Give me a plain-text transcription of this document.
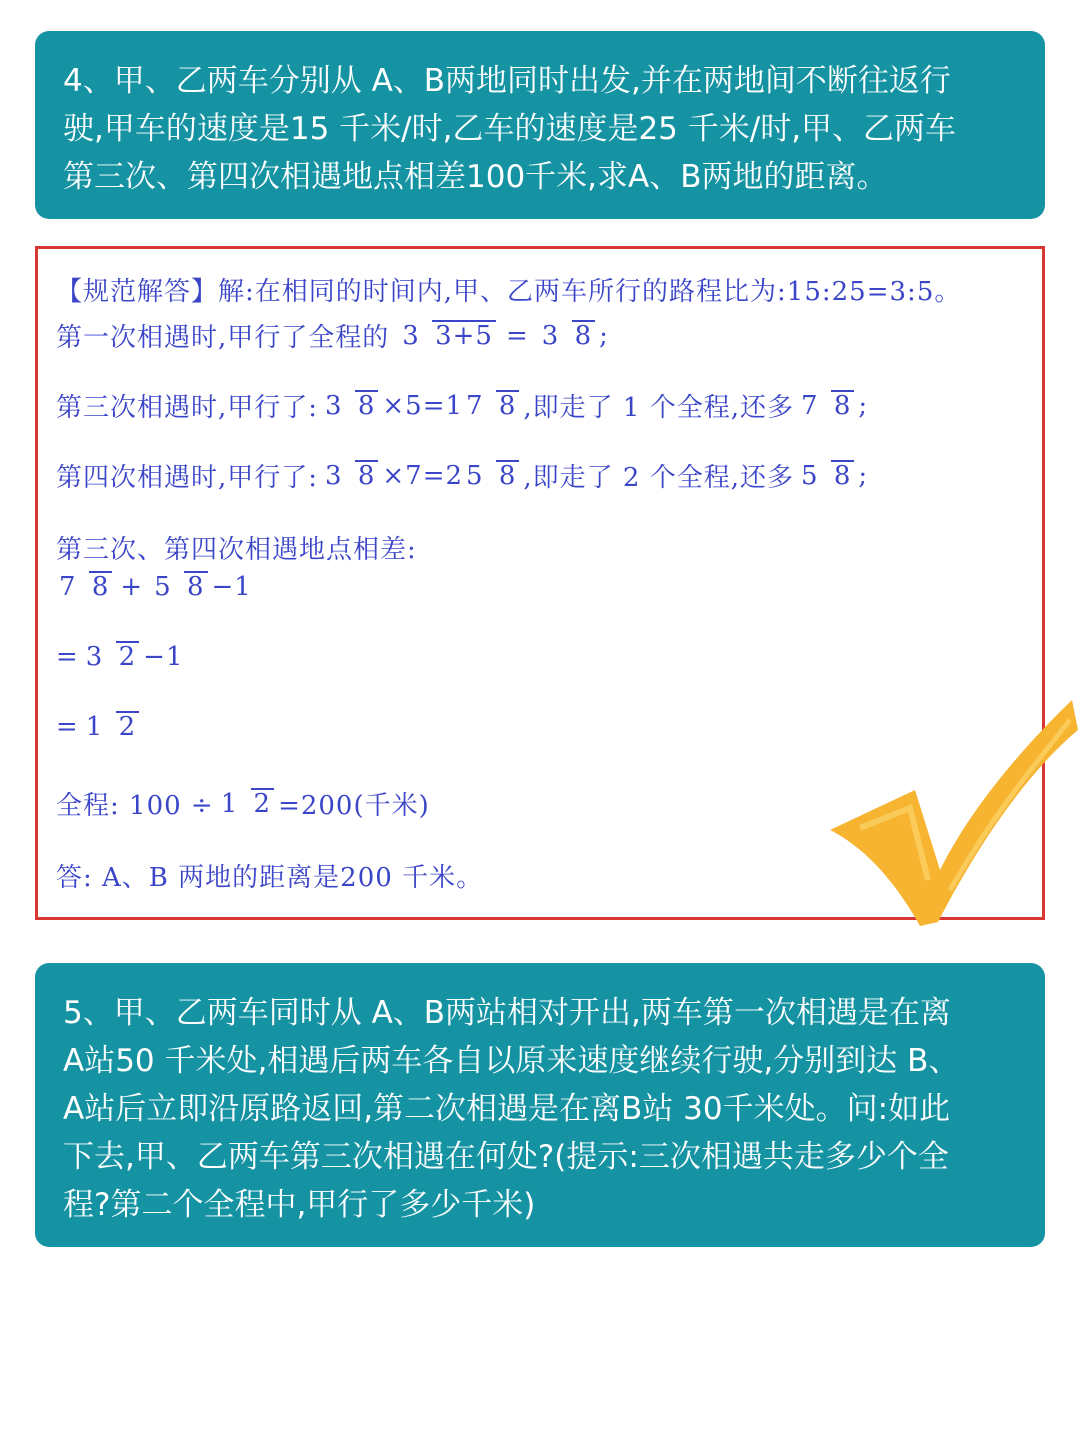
4、甲、乙两车分别从 A、B两地同时出发,并在两地间不断往返行

驶,甲车的速度是15 千米/时,乙车的速度是25 千米/时,甲、乙两车

第三次、第四次相遇地点相差100千米,求A、B两地的距离。

【规范解答】 解:在相同的时间内,甲、乙两车所行的路程比为:15:25=3:5。
第一次相遇时,甲行了全程的 3 3+5 = 3 8 ;
第三次相遇时,甲行了: 3 8 ×5=1 7 8 ,即走了 1 个全程,还多 7 8 ;
第四次相遇时,甲行了: 3 8 ×7=2 5 8 ,即走了 2 个全程,还多 5 8 ;
第三次、第四次相遇地点相差:
7 8 + 5 8 −1
= 3 2 −1
= 1 2
全程: 100 ÷ 1 2 =200(千米)
答: A、B 两地的距离是200 千米。

5、甲、乙两车同时从 A、B两站相对开出,两车第一次相遇是在离

A站50 千米处,相遇后两车各自以原来速度继续行驶,分别到达 B、

A站后立即沿原路返回,第二次相遇是在离B站 30千米处。问:如此

下去,甲、乙两车第三次相遇在何处?(提示:三次相遇共走多少个全

程?第二个全程中,甲行了多少千米)
